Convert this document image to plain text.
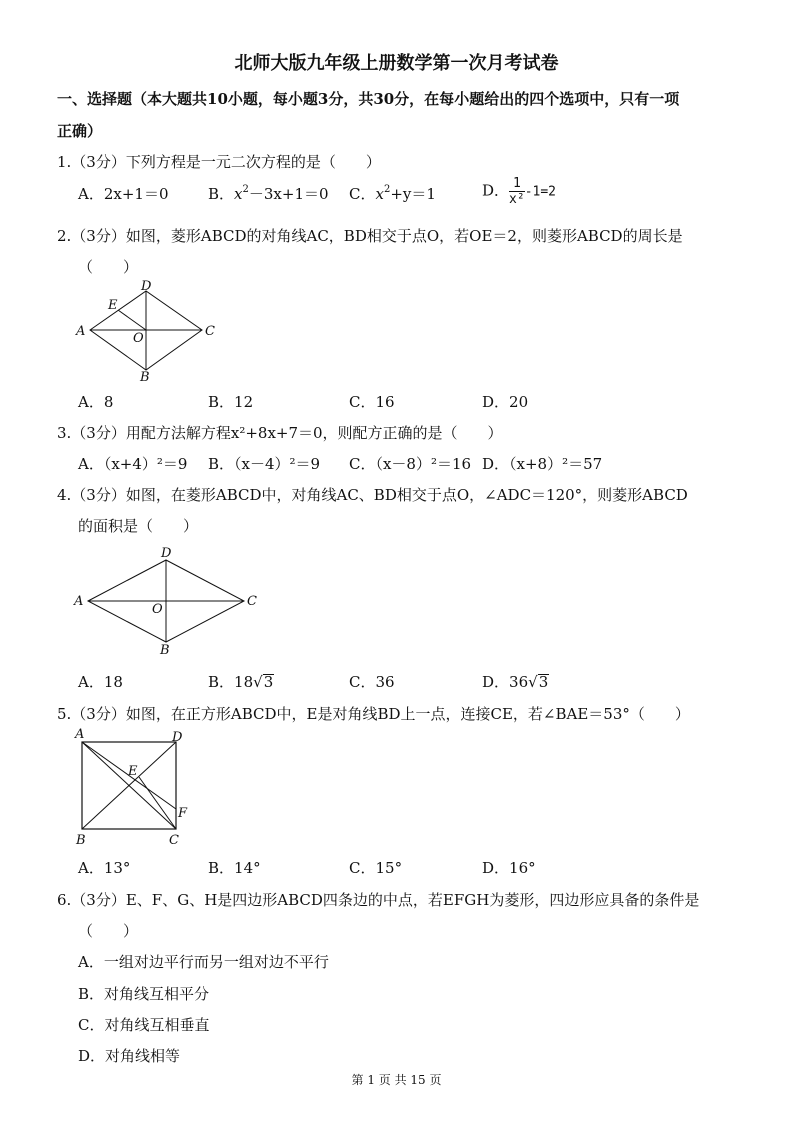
北师大版九年级上册数学第一次月考试卷
一、选择题（本大题共10小题，每小题3分，共30分，在每小题给出的四个选项中，只有一项
正确）
1.（3分）下列方程是一元二次方程的是（　　）
A．2x+1＝0	B．$x^2-3x+1=0$ C．$x^2+y=1$	D． $\frac{1}{\text{x²}} -1=2$
2.（3分）如图，菱形ABCD的对角线AC，BD相交于点O，若OE＝2，则菱形ABCD的周长是
（　　）
A
B
C
D
E
O
A．8	B．12	C．16	D．20
3.（3分）用配方法解方程x²+8x+7＝0，则配方正确的是（　　）
A．（x+4）²＝9 B．（x－4）²＝9 C．（x－8）²＝16 D．（x+8）²＝57
4.（3分）如图，在菱形ABCD中，对角线AC、BD相交于点O，∠ADC＝120°，则菱形ABCD
的面积是（　　）
A
B
C
D
O
A．18	B．18√3	C．36	D．36√3
5.（3分）如图，在正方形ABCD中，E是对角线BD上一点，连接CE，若∠BAE＝53°（　　）
A
B	C
D
E
F
A．13°	B．14°	C．15°	D．16°
6.（3分）E、F、G、H是四边形ABCD四条边的中点，若EFGH为菱形，四边形应具备的条件是
（　　）
A．一组对边平行而另一组对边不平行
B．对角线互相平分
C．对角线互相垂直
D．对角线相等
第 1 页 共 15 页
